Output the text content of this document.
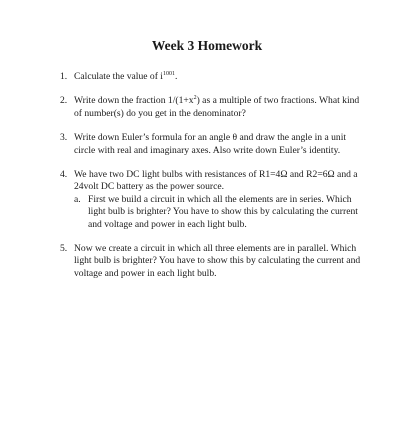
Week 3 Homework
1. Calculate the value of $i^{1001}$.
2. Write down the fraction $1/(1+x^2)$ as a multiple of two fractions. What kind of number(s) do you get in the denominator?
3. Write down Euler’s formula for an angle θ and draw the angle in a unit circle with real and imaginary axes. Also write down Euler’s identity.
4. We have two DC light bulbs with resistances of R1=4Ω and R2=6Ω and a 24volt DC battery as the power source.
a. First we build a circuit in which all the elements are in series. Which light bulb is brighter? You have to show this by calculating the current and voltage and power in each light bulb.
5. Now we create a circuit in which all three elements are in parallel. Which light bulb is brighter? You have to show this by calculating the current and voltage and power in each light bulb.
